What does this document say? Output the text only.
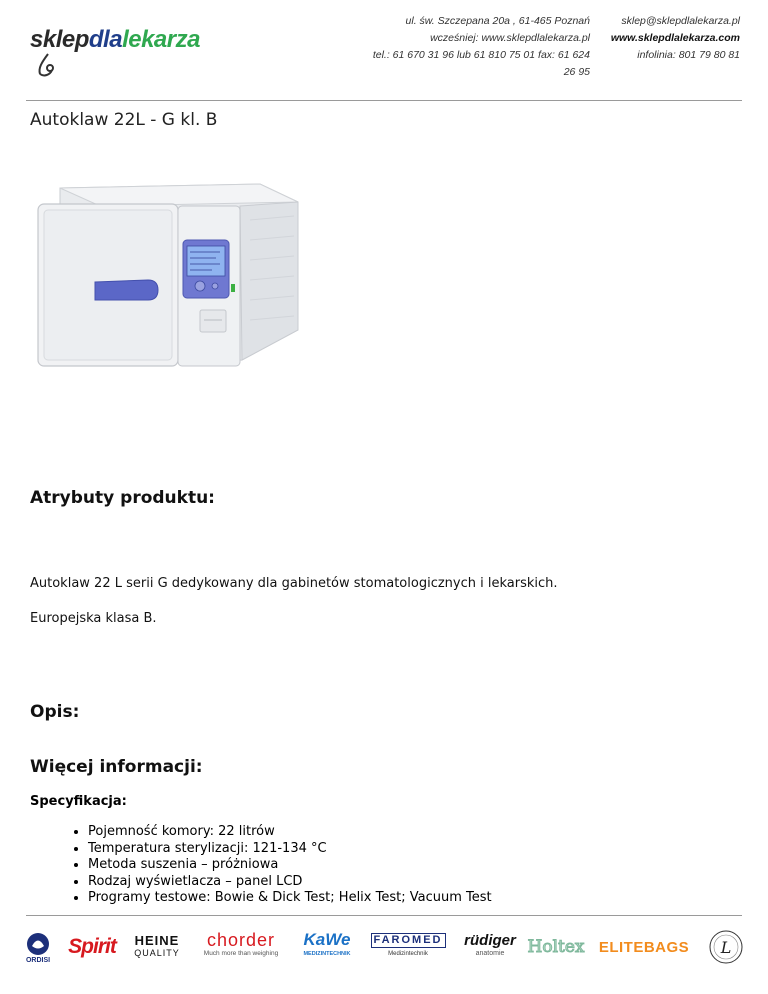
sklepdlalekarza
ul. św. Szczepana 20a , 61-465 Poznań
wcześniej: www.sklepdlalekarza.pl
tel.: 61 670 31 96 lub 61 810 75 01 fax: 61 624 26 95
sklep@sklepdlalekarza.pl
www.sklepdlalekarza.com
infolinia: 801 79 80 81
Autoklaw 22L - G kl. B
Atrybuty produktu:

Autoklaw 22 L serii G dedykowany dla gabinetów stomatologicznych i lekarskich.

Europejska klasa B.

Opis:
Więcej informacji:

Specyfikacja:

• Pojemność komory: 22 litrów
• Temperatura sterylizacji: 121-134 °C
• Metoda suszenia – próżniowa
• Rodzaj wyświetlacza – panel LCD
• Programy testowe: Bowie & Dick Test; Helix Test; Vacuum Test
ORDISI
Spirit HEINE
QUALITY
chorder
Much more than weighing
KaWe
MEDIZINTECHNIK
FAROMED
Medizintechnik
rüdiger
anatomie Holtex ELITEBAGS L
